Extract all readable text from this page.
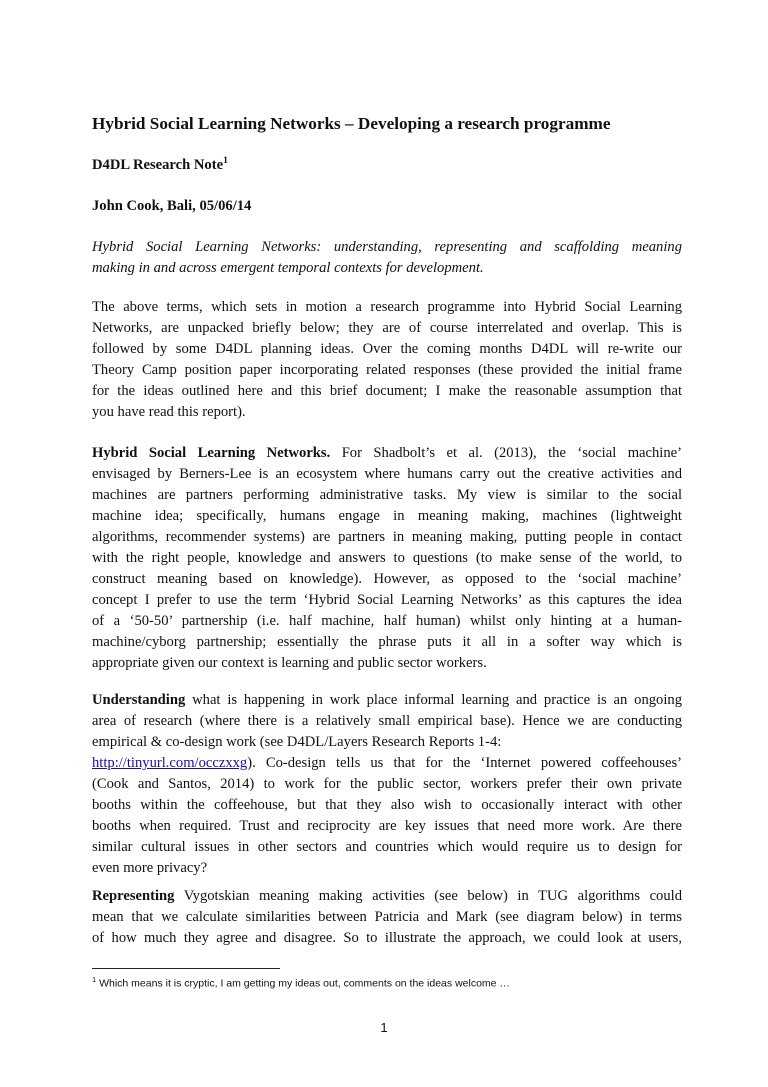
Hybrid Social Learning Networks – Developing a research programme
D4DL Research Note$^1$
John Cook, Bali, 05/06/14
Hybrid Social Learning Networks: understanding, representing and scaffolding meaning
making in and across emergent temporal contexts for development.
The above terms, which sets in motion a research programme into Hybrid Social Learning
Networks, are unpacked briefly below; they are of course interrelated and overlap. This is
followed by some D4DL planning ideas. Over the coming months D4DL will re-write our
Theory Camp position paper incorporating related responses (these provided the initial frame
for the ideas outlined here and this brief document; I make the reasonable assumption that
you have read this report).
Hybrid Social Learning Networks. For Shadbolt’s et al. (2013), the ‘social machine’
envisaged by Berners-Lee is an ecosystem where humans carry out the creative activities and
machines are partners performing administrative tasks. My view is similar to the social
machine idea; specifically, humans engage in meaning making, machines (lightweight
algorithms, recommender systems) are partners in meaning making, putting people in contact
with the right people, knowledge and answers to questions (to make sense of the world, to
construct meaning based on knowledge). However, as opposed to the ‘social machine’
concept I prefer to use the term ‘Hybrid Social Learning Networks’ as this captures the idea
of a ‘50-50’ partnership (i.e. half machine, half human) whilst only hinting at a human-
machine/cyborg partnership; essentially the phrase puts it all in a softer way which is
appropriate given our context is learning and public sector workers.
Understanding what is happening in work place informal learning and practice is an ongoing
area of research (where there is a relatively small empirical base). Hence we are conducting
empirical & co-design work (see D4DL/Layers Research Reports 1-4:
http://tinyurl.com/occzxxg). Co-design tells us that for the ‘Internet powered coffeehouses’
(Cook and Santos, 2014) to work for the public sector, workers prefer their own private
booths within the coffeehouse, but that they also wish to occasionally interact with other
booths when required. Trust and reciprocity are key issues that need more work. Are there
similar cultural issues in other sectors and countries which would require us to design for
even more privacy?
Representing Vygotskian meaning making activities (see below) in TUG algorithms could
mean that we calculate similarities between Patricia and Mark (see diagram below) in terms
of how much they agree and disagree. So to illustrate the approach, we could look at users,
$^1$ Which means it is cryptic, I am getting my ideas out, comments on the ideas welcome …
1
